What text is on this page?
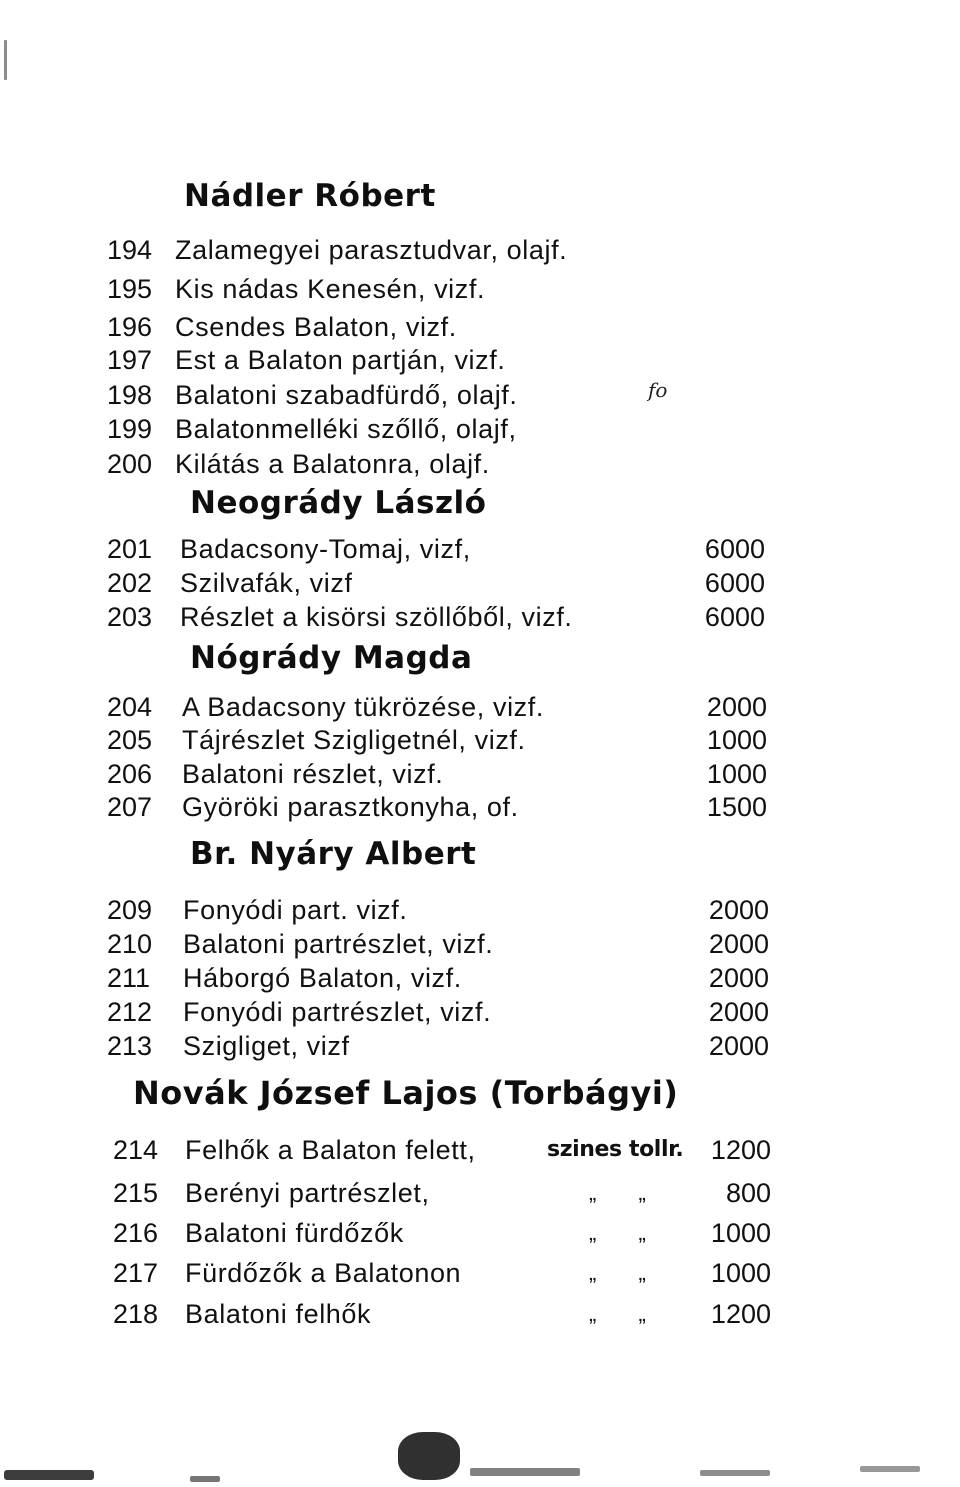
Nádler Róbert
194 Zalamegyei parasztudvar, olajf.
195 Kis nádas Kenesén, vizf.
196 Csendes Balaton, vizf.
197 Est a Balaton partján, vizf.
198 Balatoni szabadfürdő, olajf.	fo
199 Balatonmelléki szőllő, olajf,
200 Kilátás a Balatonra, olajf.
Neogrády László
201 Badacsony-Tomaj, vizf,	6000
202 Szilvafák, vizf	6000
203 Részlet a kisörsi szöllőből, vizf.	6000
Nógrády Magda
204 A Badacsony tükrözése, vizf.	2000
205 Tájrészlet Szigligetnél, vizf.	1000
206 Balatoni részlet, vizf.	1000
207 Györöki parasztkonyha, of.	1500
Br. Nyáry Albert
209 Fonyódi part. vizf.	2000
210 Balatoni partrészlet, vizf.	2000
211 Háborgó Balaton, vizf.	2000
212 Fonyódi partrészlet, vizf.	2000
213 Szigliget, vizf	2000
Novák József Lajos (Torbágyi)
214 Felhők a Balaton felett,	szines tollr.	1200
215 Berényi partrészlet,	„ „	800
216 Balatoni fürdőzők	„ „	1000
217 Fürdőzők a Balatonon	„ „	1000
218 Balatoni felhők	„ „	1200
